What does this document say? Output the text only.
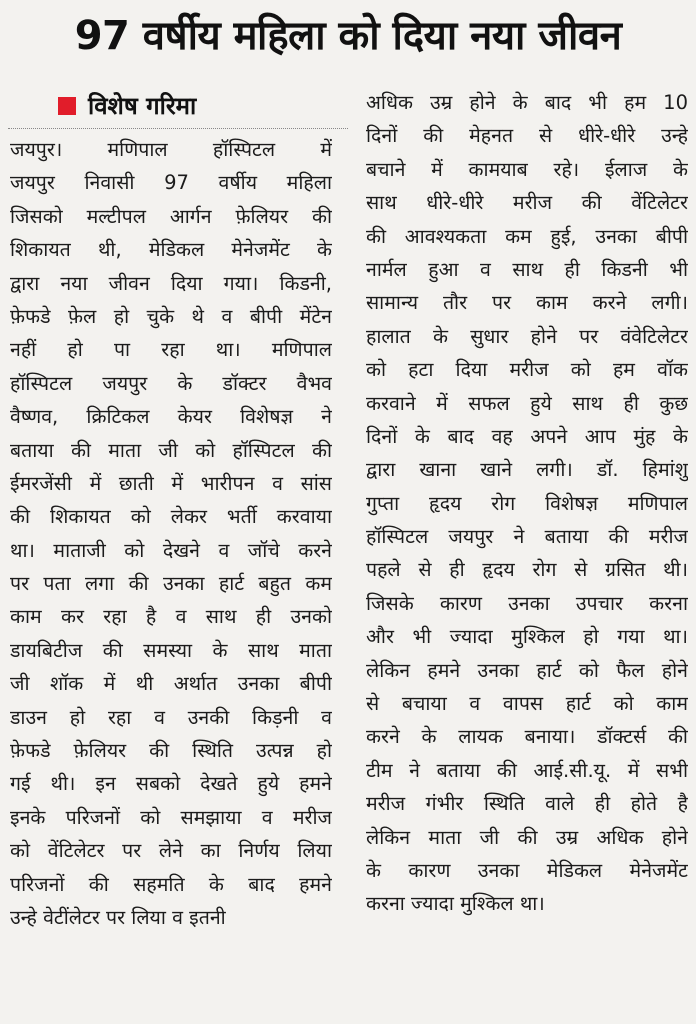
97 वर्षीय महिला को दिया नया जीवन
विशेष गरिमा
जयपुर। मणिपाल हॉस्पिटल में
जयपुर निवासी 97 वर्षीय महिला
जिसको मल्टीपल आर्गन फ़ेलियर की
शिकायत थी, मेडिकल मेनेजमेंट के
द्वारा नया जीवन दिया गया। किडनी,
फ़ेफडे फ़ेल हो चुके थे व बीपी मेंटेन
नहीं हो पा रहा था। मणिपाल
हॉस्पिटल जयपुर के डॉक्टर वैभव
वैष्णव, क्रिटिकल केयर विशेषज्ञ ने
बताया की माता जी को हॉस्पिटल की
ईमरजेंसी में छाती में भारीपन व सांस
की शिकायत को लेकर भर्ती करवाया
था। माताजी को देखने व जॉचे करने
पर पता लगा की उनका हार्ट बहुत कम
काम कर रहा है व साथ ही उनको
डायबिटीज की समस्या के साथ माता
जी शॉक में थी अर्थात उनका बीपी
डाउन हो रहा व उनकी किड़नी व
फ़ेफडे फ़ेलियर की स्थिति उत्पन्न हो
गई थी। इन सबको देखते हुये हमने
इनके परिजनों को समझाया व मरीज
को वेंटिलेटर पर लेने का निर्णय लिया
परिजनों की सहमति के बाद हमने
उन्हे वेटींलेटर पर लिया व इतनी
अधिक उम्र होने के बाद भी हम 10
दिनों की मेहनत से धीरे-धीरे उन्हे
बचाने में कामयाब रहे। ईलाज के
साथ धीरे-धीरे मरीज की वेंटिलेटर
की आवश्यकता कम हुई, उनका बीपी
नार्मल हुआ व साथ ही किडनी भी
सामान्य तौर पर काम करने लगी।
हालात के सुधार होने पर वंवेटिलेटर
को हटा दिया मरीज को हम वॉक
करवाने में सफल हुये साथ ही कुछ
दिनों के बाद वह अपने आप मुंह के
द्वारा खाना खाने लगी। डॉ. हिमांशु
गुप्ता हृदय रोग विशेषज्ञ मणिपाल
हॉस्पिटल जयपुर ने बताया की मरीज
पहले से ही हृदय रोग से ग्रसित थी।
जिसके कारण उनका उपचार करना
और भी ज्यादा मुश्किल हो गया था।
लेकिन हमने उनका हार्ट को फैल होने
से बचाया व वापस हार्ट को काम
करने के लायक बनाया। डॉक्टर्स की
टीम ने बताया की आई.सी.यू. में सभी
मरीज गंभीर स्थिति वाले ही होते है
लेकिन माता जी की उम्र अधिक होने
के कारण उनका मेडिकल मेनेजमेंट
करना ज्यादा मुश्किल था।
